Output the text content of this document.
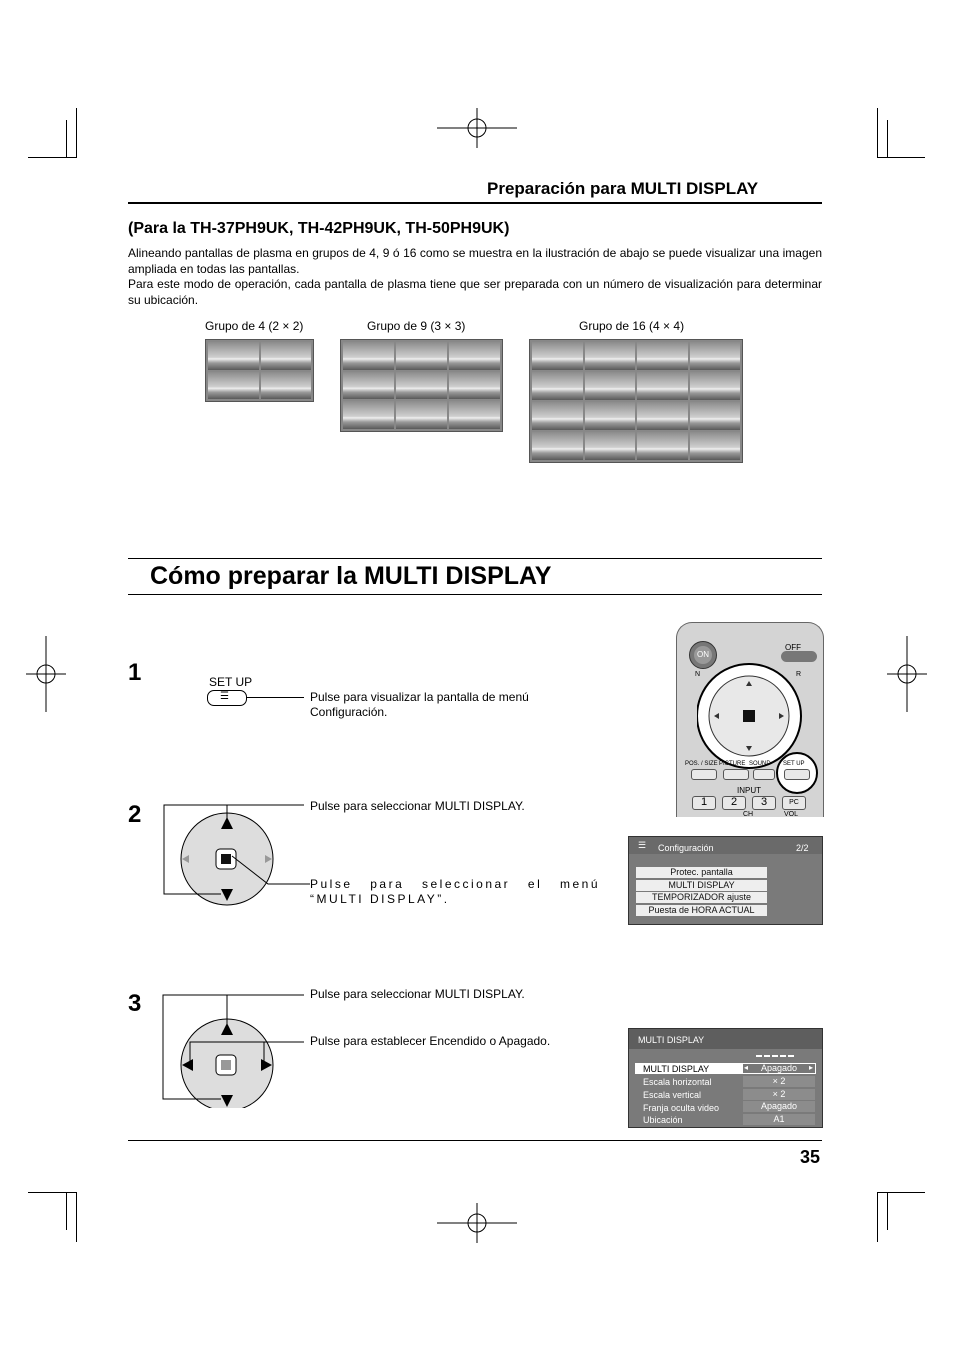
Preparación para MULTI DISPLAY
(Para la TH-37PH9UK, TH-42PH9UK, TH-50PH9UK)

Alineando pantallas de plasma en grupos de 4, 9 ó 16 como se muestra en la ilustración de abajo se puede visualizar una imagen ampliada en todas las pantallas.

Para este modo de operación, cada pantalla de plasma tiene que ser preparada con un número de visualización para determinar su ubicación.

Grupo de 4 (2 × 2)	Grupo de 9 (3 × 3)	Grupo de 16 (4 × 4)
Cómo preparar la MULTI DISPLAY
ON
OFF
N	R
POS. / SIZE PICTURE SOUND SET UP
INPUT
1	2	3	PC
CH	VOL
1	SET UP
☰	Pulse para visualizar la pantalla de menú Configuración.
2	Pulse para seleccionar MULTI DISPLAY.
Pulse para seleccionar el menú “MULTI DISPLAY”.
☰ Configuración	2/2
Protec. pantalla
MULTI DISPLAY
TEMPORIZADOR ajuste
Puesta de HORA ACTUAL
3	Pulse para seleccionar MULTI DISPLAY.
Pulse para establecer Encendido o Apagado.	MULTI DISPLAY
MULTI DISPLAY	Apagado
◂	▸
Escala horizontal	× 2
Escala vertical	× 2
Franja oculta video	Apagado
Ubicación	A1
35
